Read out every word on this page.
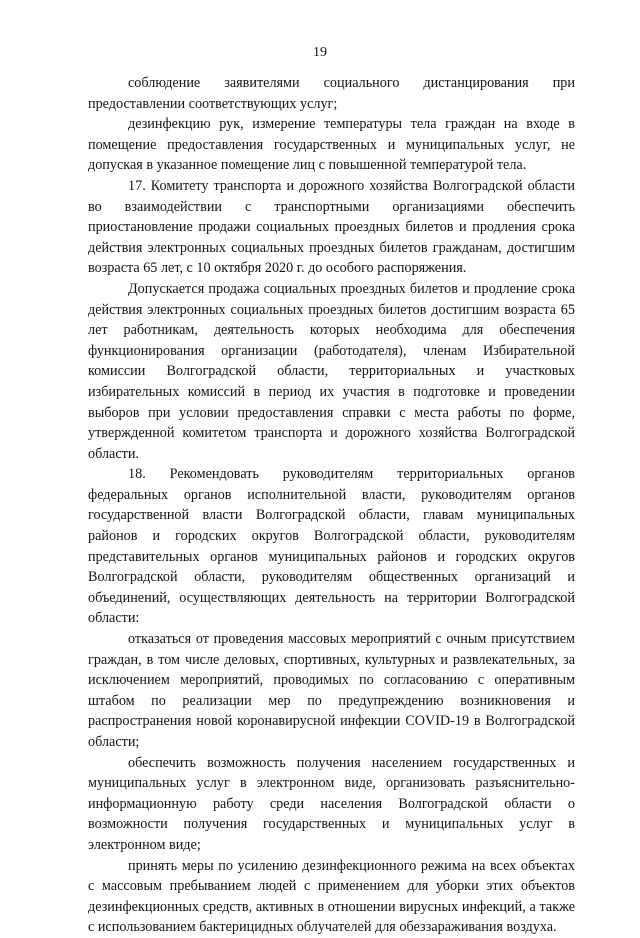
19

соблюдение заявителями социального дистанцирования при предоставлении соответствующих услуг;

дезинфекцию рук, измерение температуры тела граждан на входе в помещение предоставления государственных и муниципальных услуг, не допуская в указанное помещение лиц с повышенной температурой тела.

17. Комитету транспорта и дорожного хозяйства Волгоградской области во взаимодействии с транспортными организациями обеспечить приостановление продажи социальных проездных билетов и продления срока действия электронных социальных проездных билетов гражданам, достигшим возраста 65 лет, с 10 октября 2020 г. до особого распоряжения.

Допускается продажа социальных проездных билетов и продление срока действия электронных социальных проездных билетов достигшим возраста 65 лет работникам, деятельность которых необходима для обеспечения функционирования организации (работодателя), членам Избирательной комиссии Волгоградской области, территориальных и участковых избирательных комиссий в период их участия в подготовке и проведении выборов при условии предоставления справки с места работы по форме, утвержденной комитетом транспорта и дорожного хозяйства Волгоградской области.

18. Рекомендовать руководителям территориальных органов федеральных органов исполнительной власти, руководителям органов государственной власти Волгоградской области, главам муниципальных районов и городских округов Волгоградской области, руководителям представительных органов муниципальных районов и городских округов Волгоградской области, руководителям общественных организаций и объединений, осуществляющих деятельность на территории Волгоградской области:

отказаться от проведения массовых мероприятий с очным присутствием граждан, в том числе деловых, спортивных, культурных и развлекательных, за исключением мероприятий, проводимых по согласованию с оперативным штабом по реализации мер по предупреждению возникновения и распространения новой коронавирусной инфекции COVID-19 в Волгоградской области;

обеспечить возможность получения населением государственных и муниципальных услуг в электронном виде, организовать разъяснительно-информационную работу среди населения Волгоградской области о возможности получения государственных и муниципальных услуг в электронном виде;

принять меры по усилению дезинфекционного режима на всех объектах с массовым пребыванием людей с применением для уборки этих объектов дезинфекционных средств, активных в отношении вирусных инфекций, а также с использованием бактерицидных облучателей для обеззараживания воздуха.
